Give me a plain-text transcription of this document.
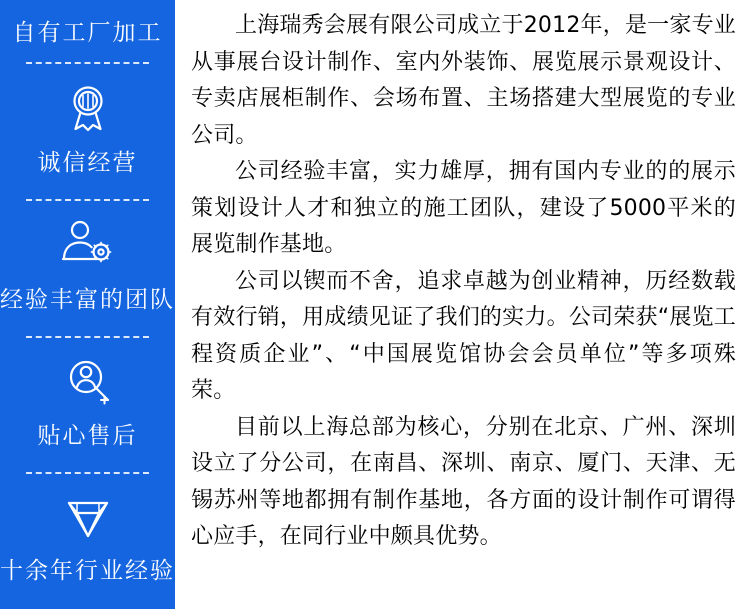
自有工厂加工
诚信经营
经验丰富的团队
贴心售后
十余年行业经验

上海瑞秀会展有限公司成立于2012年，是一家专业从事展台设计制作、室内外装饰、展览展示景观设计、专卖店展柜制作、会场布置、主场搭建大型展览的专业公司。

公司经验丰富，实力雄厚，拥有国内专业的的展示策划设计人才和独立的施工团队，建设了5000平米的展览制作基地。

公司以锲而不舍，追求卓越为创业精神，历经数载有效行销，用成绩见证了我们的实力。公司荣获“展览工程资质企业”、“中国展览馆协会会员单位”等多项殊荣。

目前以上海总部为核心，分别在北京、广州、深圳设立了分公司，在南昌、深圳、南京、厦门、天津、无锡苏州等地都拥有制作基地，各方面的设计制作可谓得心应手，在同行业中颇具优势。
